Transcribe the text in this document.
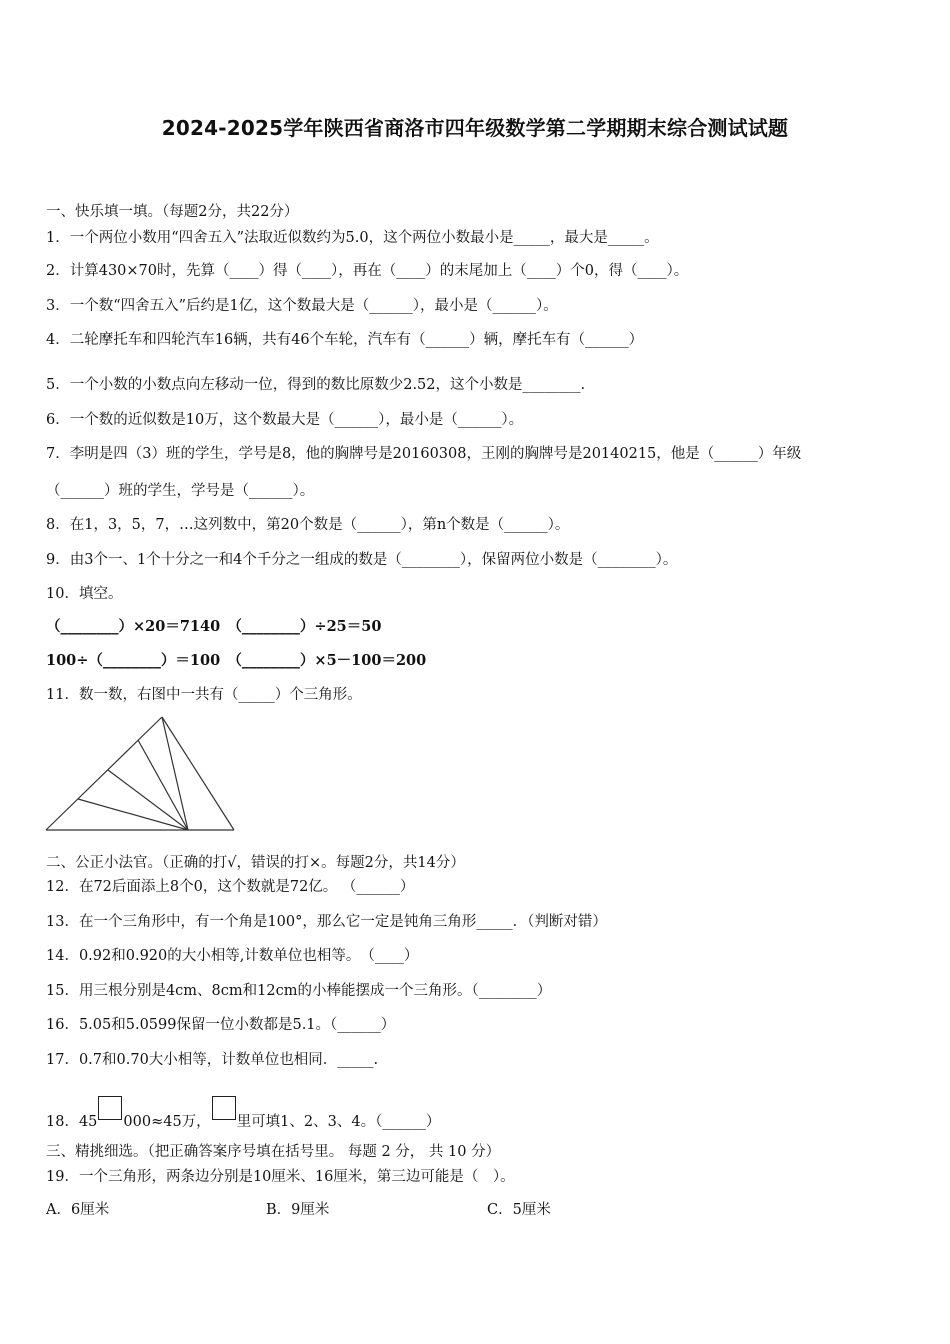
2024-2025学年陕西省商洛市四年级数学第二学期期末综合测试试题
一、快乐填一填。（每题2分，共22分）
1．一个两位小数用“四舍五入”法取近似数约为5.0，这个两位小数最小是_____，最大是_____。
2．计算430×70时，先算（____）得（____），再在（____）的末尾加上（____）个0，得（____）。
3．一个数“四舍五入”后约是1亿，这个数最大是（______），最小是（______）。
4．二轮摩托车和四轮汽车16辆，共有46个车轮，汽车有（______）辆，摩托车有（______）
5．一个小数的小数点向左移动一位，得到的数比原数少2.52，这个小数是________.
6．一个数的近似数是10万，这个数最大是（______），最小是（______）。
7．李明是四（3）班的学生，学号是8，他的胸牌号是20160308，王刚的胸牌号是20140215，他是（______）年级
（______）班的学生，学号是（______）。
8．在1，3，5，7，…这列数中，第20个数是（______），第n个数是（______）。
9．由3个一、1个十分之一和4个千分之一组成的数是（________），保留两位小数是（________）。
10．填空。
（________）×20＝7140　（________）÷25＝50
100÷（________）＝100　（________）×5－100＝200
11．数一数，右图中一共有（_____）个三角形。
二、公正小法官。（正确的打√，错误的打×。每题2分，共14分）
12．在72后面添上8个0，这个数就是72亿。 （______）
13．在一个三角形中，有一个角是100°，那么它一定是钝角三角形_____．（判断对错）
14．0.92和0.920的大小相等,计数单位也相等。　（____）
15．用三根分别是4cm、8cm和12cm的小棒能摆成一个三角形。（________）
16．5.05和5.0599保留一位小数都是5.1。（______）
17．0.7和0.70大小相等，计数单位也相同．_____.
18．45 000≈45万， 里可填1、2、3、4。（______）
三、精挑细选。（把正确答案序号填在括号里。 每题 2 分， 共 10 分）
19．一个三角形，两条边分别是10厘米、16厘米，第三边可能是（　）。
A．6厘米	B．9厘米	C．5厘米
